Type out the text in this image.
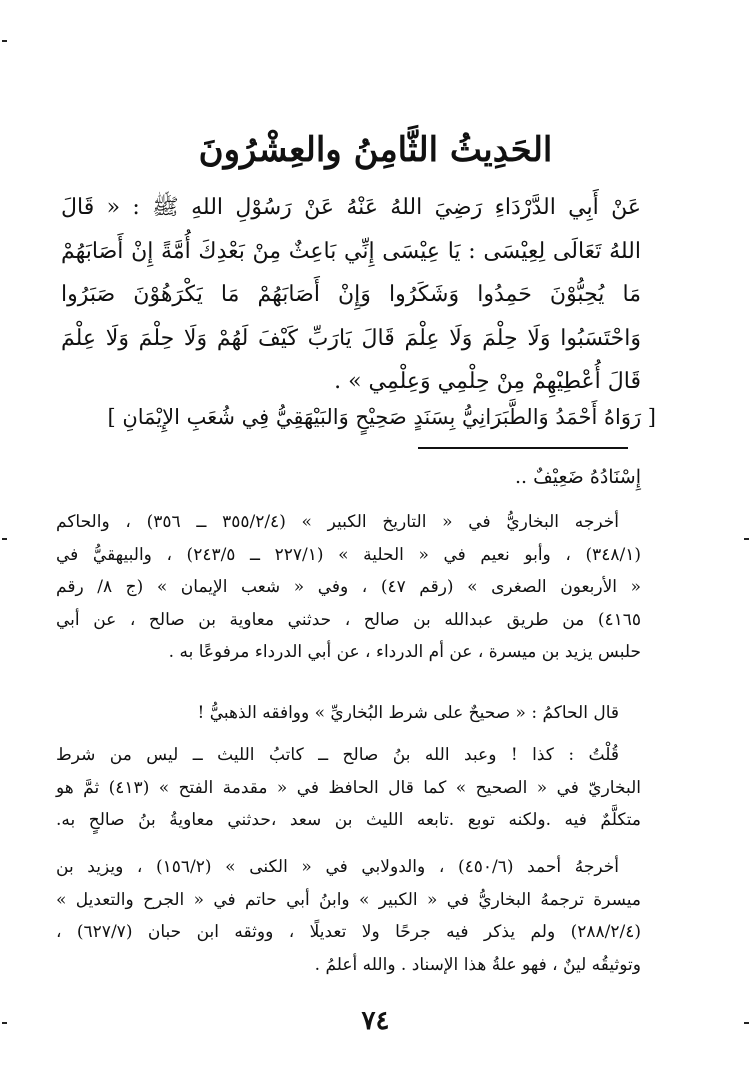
الحَدِيثُ الثَّامِنُ والعِشْرُونَ
عَنْ أَبِي الدَّرْدَاءِ رَضِيَ اللهُ عَنْهُ عَنْ رَسُوْلِ اللهِ ﷺ : « قَالَ
اللهُ تَعَالَى لِعِيْسَى : يَا عِيْسَى إِنِّي بَاعِثٌ مِنْ بَعْدِكَ أُمَّةً إِنْ أَصَابَهُمْ
مَا يُحِبُّوْنَ حَمِدُوا وَشَكَرُوا وَإِنْ أَصَابَهُمْ مَا يَكْرَهُوْنَ صَبَرُوا
وَاحْتَسَبُوا وَلَا حِلْمَ وَلَا عِلْمَ قَالَ يَارَبِّ كَيْفَ لَهُمْ وَلَا حِلْمَ وَلَا عِلْمَ
قَالَ أُعْطِيْهِمْ مِنْ حِلْمِي وَعِلْمِي » .
[ رَوَاهُ أَحْمَدُ وَالطَّبَرَانِيُّ بِسَنَدٍ صَحِيْحٍ وَالبَيْهَقِيُّ فِي شُعَبِ الإِيْمَانِ ]
إِسْنَادُهُ ضَعِيْفٌ ..
أخرجه البخاريُّ في « التاريخ الكبير » (٣٥٥/٢/٤ ــ ٣٥٦) ، والحاكم
(٣٤٨/١) ، وأبو نعيم في « الحلية » (٢٢٧/١ ــ ٢٤٣/٥) ، والبيهقيُّ في
« الأربعون الصغرى » (رقم ٤٧) ، وفي « شعب الإيمان » (ج ٨/ رقم
٤١٦٥) من طريق عبدالله بن صالح ، حدثني معاوية بن صالح ، عن أبي
حلبس يزيد بن ميسرة ، عن أم الدرداء ، عن أبي الدرداء مرفوعًا به .
قال الحاكمُ : « صحيحٌ على شرط البُخاريِّ » ووافقه الذهبيُّ !
قُلْتُ : كذا ! وعبد الله بنُ صالح ــ كاتبُ الليث ــ ليس من شرط
البخاريّ في « الصحيح » كما قال الحافظ في « مقدمة الفتح » (٤١٣) ثمَّ هو
متكلَّمٌ فيه .ولكنه توبع .تابعه الليث بن سعد ،حدثني معاويةُ بنُ صالحٍ به.
أخرجهُ أحمد (٤٥٠/٦) ، والدولابي في « الكنى » (١٥٦/٢) ، ويزيد بن
ميسرة ترجمهُ البخاريُّ في « الكبير » وابنُ أبي حاتم في « الجرح والتعديل »
(٢٨٨/٢/٤) ولم يذكر فيه جرحًا ولا تعديلًا ، ووثقه ابن حبان (٦٢٧/٧) ،
وتوثيقُه لينٌ ، فهو علةُ هذا الإسناد . والله أعلمُ .
٧٤
